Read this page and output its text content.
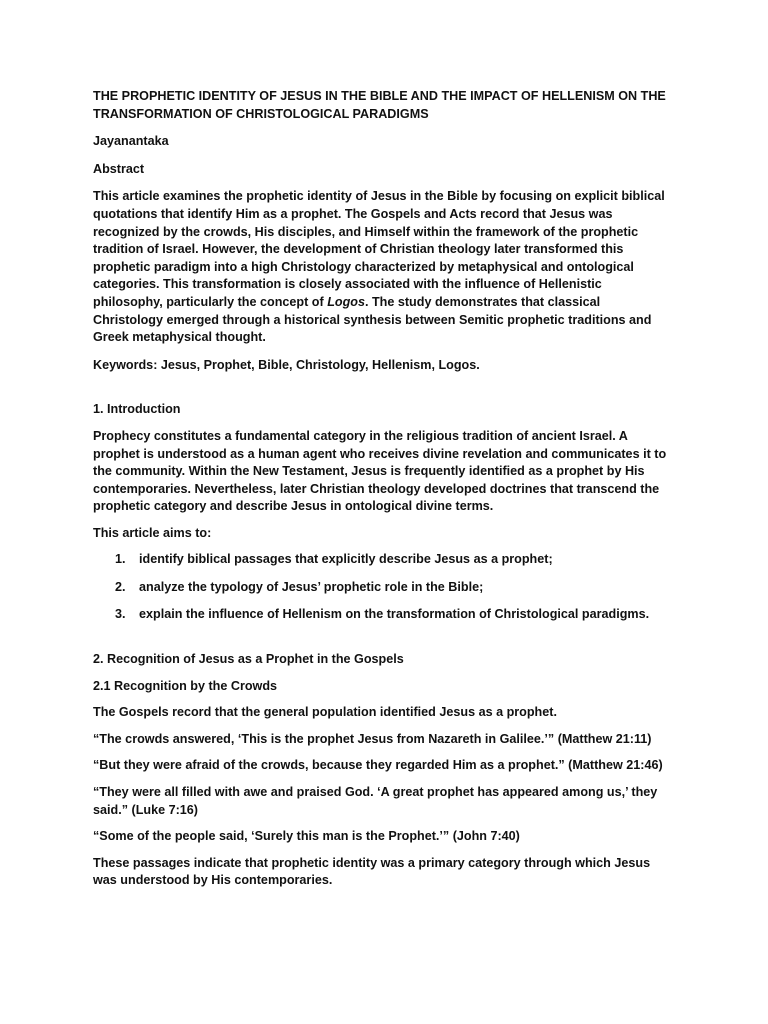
THE PROPHETIC IDENTITY OF JESUS IN THE BIBLE AND THE IMPACT OF HELLENISM ON THE TRANSFORMATION OF CHRISTOLOGICAL PARADIGMS

Jayanantaka

Abstract

This article examines the prophetic identity of Jesus in the Bible by focusing on explicit biblical quotations that identify Him as a prophet. The Gospels and Acts record that Jesus was recognized by the crowds, His disciples, and Himself within the framework of the prophetic tradition of Israel. However, the development of Christian theology later transformed this prophetic paradigm into a high Christology characterized by metaphysical and ontological categories. This transformation is closely associated with the influence of Hellenistic philosophy, particularly the concept of Logos. The study demonstrates that classical Christology emerged through a historical synthesis between Semitic prophetic traditions and Greek metaphysical thought.

Keywords: Jesus, Prophet, Bible, Christology, Hellenism, Logos.

1. Introduction

Prophecy constitutes a fundamental category in the religious tradition of ancient Israel. A prophet is understood as a human agent who receives divine revelation and communicates it to the community. Within the New Testament, Jesus is frequently identified as a prophet by His contemporaries. Nevertheless, later Christian theology developed doctrines that transcend the prophetic category and describe Jesus in ontological divine terms.

This article aims to:

1. identify biblical passages that explicitly describe Jesus as a prophet;
2. analyze the typology of Jesus’ prophetic role in the Bible;
3. explain the influence of Hellenism on the transformation of Christological paradigms.

2. Recognition of Jesus as a Prophet in the Gospels

2.1 Recognition by the Crowds

The Gospels record that the general population identified Jesus as a prophet.

“The crowds answered, ‘This is the prophet Jesus from Nazareth in Galilee.’” (Matthew 21:11)

“But they were afraid of the crowds, because they regarded Him as a prophet.” (Matthew 21:46)

“They were all filled with awe and praised God. ‘A great prophet has appeared among us,’ they said.” (Luke 7:16)

“Some of the people said, ‘Surely this man is the Prophet.’” (John 7:40)

These passages indicate that prophetic identity was a primary category through which Jesus was understood by His contemporaries.
